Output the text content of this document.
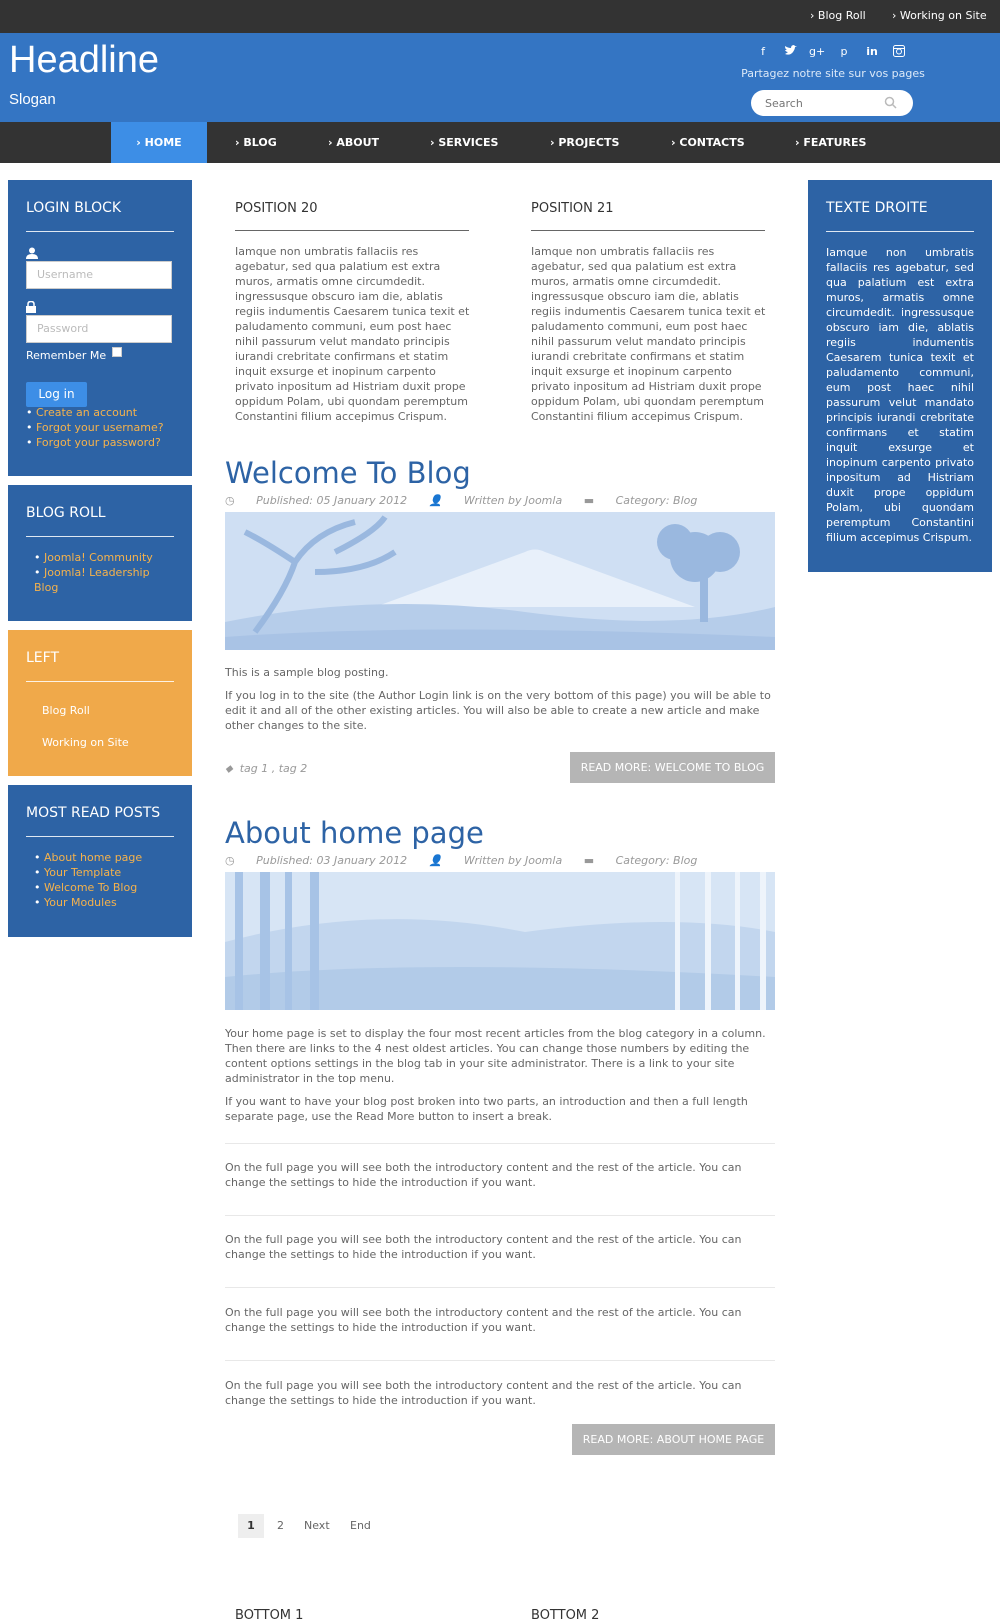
› Blog Roll › Working on Site
Headline
Slogan
f	g+	p	in
Partagez notre site sur vos pages
Search
› HOME	› BLOG	› ABOUT	› SERVICES	› PROJECTS	› CONTACTS	› FEATURES
LOGIN BLOCK
Username
Password
Remember Me
Log in
• Create an account
• Forgot your username?
• Forgot your password?
BLOG ROLL
• Joomla! Community
• Joomla! Leadership Blog
LEFT
Blog Roll
Working on Site
MOST READ POSTS
• About home page
• Your Template
• Welcome To Blog
• Your Modules
POSITION 20
Iamque non umbratis fallaciis res agebatur, sed qua palatium est extra muros, armatis omne circumdedit. ingressusque obscuro iam die, ablatis regiis indumentis Caesarem tunica texit et paludamento communi, eum post haec nihil passurum velut mandato principis iurandi crebritate confirmans et statim inquit exsurge et inopinum carpento privato inpositum ad Histriam duxit prope oppidum Polam, ubi quondam peremptum Constantini filium accepimus Crispum.
POSITION 21
Iamque non umbratis fallaciis res agebatur, sed qua palatium est extra muros, armatis omne circumdedit. ingressusque obscuro iam die, ablatis regiis indumentis Caesarem tunica texit et paludamento communi, eum post haec nihil passurum velut mandato principis iurandi crebritate confirmans et statim inquit exsurge et inopinum carpento privato inpositum ad Histriam duxit prope oppidum Polam, ubi quondam peremptum Constantini filium accepimus Crispum.
Welcome To Blog
◷ Published: 05 January 2012 👤 Written by Joomla ▬ Category: Blog

This is a sample blog posting.

If you log in to the site (the Author Login link is on the very bottom of this page) you will be able to edit it and all of the other existing articles. You will also be able to create a new article and make other changes to the site.

⬥ tag 1 , tag 2	READ MORE: WELCOME TO BLOG
About home page
◷ Published: 03 January 2012 👤 Written by Joomla ▬ Category: Blog

Your home page is set to display the four most recent articles from the blog category in a column. Then there are links to the 4 nest oldest articles. You can change those numbers by editing the content options settings in the blog tab in your site administrator. There is a link to your site administrator in the top menu.

If you want to have your blog post broken into two parts, an introduction and then a full length separate page, use the Read More button to insert a break.

On the full page you will see both the introductory content and the rest of the article. You can change the settings to hide the introduction if you want.
On the full page you will see both the introductory content and the rest of the article. You can change the settings to hide the introduction if you want.
On the full page you will see both the introductory content and the rest of the article. You can change the settings to hide the introduction if you want.
On the full page you will see both the introductory content and the rest of the article. You can change the settings to hide the introduction if you want.
READ MORE: ABOUT HOME PAGE
1	2 Next End
TEXTE DROITE
Iamque non umbratis fallaciis res agebatur, sed qua palatium est extra muros, armatis omne circumdedit. ingressusque obscuro iam die, ablatis regiis indumentis Caesarem tunica texit et paludamento communi, eum post haec nihil passurum velut mandato principis iurandi crebritate confirmans et statim inquit exsurge et inopinum carpento privato inpositum ad Histriam duxit prope oppidum Polam, ubi quondam peremptum Constantini filium accepimus Crispum.
BOTTOM 1	BOTTOM 2
